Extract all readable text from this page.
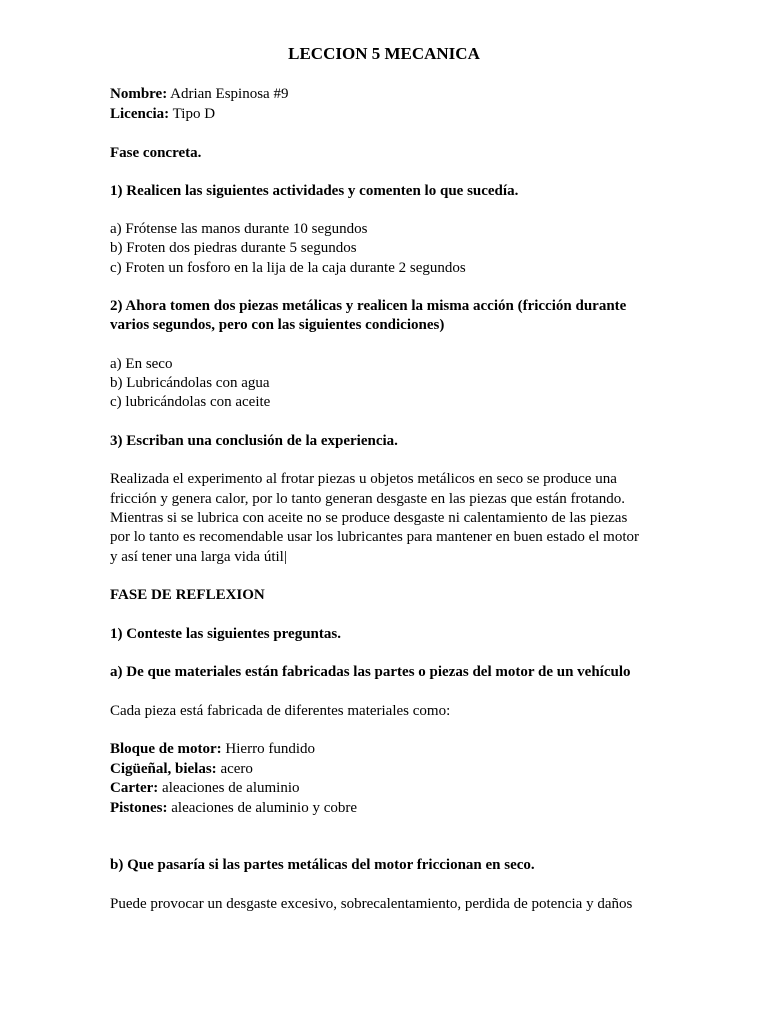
LECCION 5 MECANICA
Nombre: Adrian Espinosa #9
Licencia: Tipo D
Fase concreta.
1) Realicen las siguientes actividades y comenten lo que sucedía.
a) Frótense las manos durante 10 segundos
b) Froten dos piedras durante 5 segundos
c) Froten un fosforo en la lija de la caja durante 2 segundos
2) Ahora tomen dos piezas metálicas y realicen la misma acción (fricción durante
varios segundos, pero con las siguientes condiciones)
a) En seco
b) Lubricándolas con agua
c) lubricándolas con aceite
3) Escriban una conclusión de la experiencia.
Realizada el experimento al frotar piezas u objetos metálicos en seco se produce una
fricción y genera calor, por lo tanto generan desgaste en las piezas que están frotando.
Mientras si se lubrica con aceite no se produce desgaste ni calentamiento de las piezas
por lo tanto es recomendable usar los lubricantes para mantener en buen estado el motor
y así tener una larga vida útil|
FASE DE REFLEXION
1) Conteste las siguientes preguntas.
a) De que materiales están fabricadas las partes o piezas del motor de un vehículo
Cada pieza está fabricada de diferentes materiales como:
Bloque de motor: Hierro fundido
Cigüeñal, bielas: acero
Carter: aleaciones de aluminio
Pistones: aleaciones de aluminio y cobre
b) Que pasaría si las partes metálicas del motor friccionan en seco.
Puede provocar un desgaste excesivo, sobrecalentamiento, perdida de potencia y daños
